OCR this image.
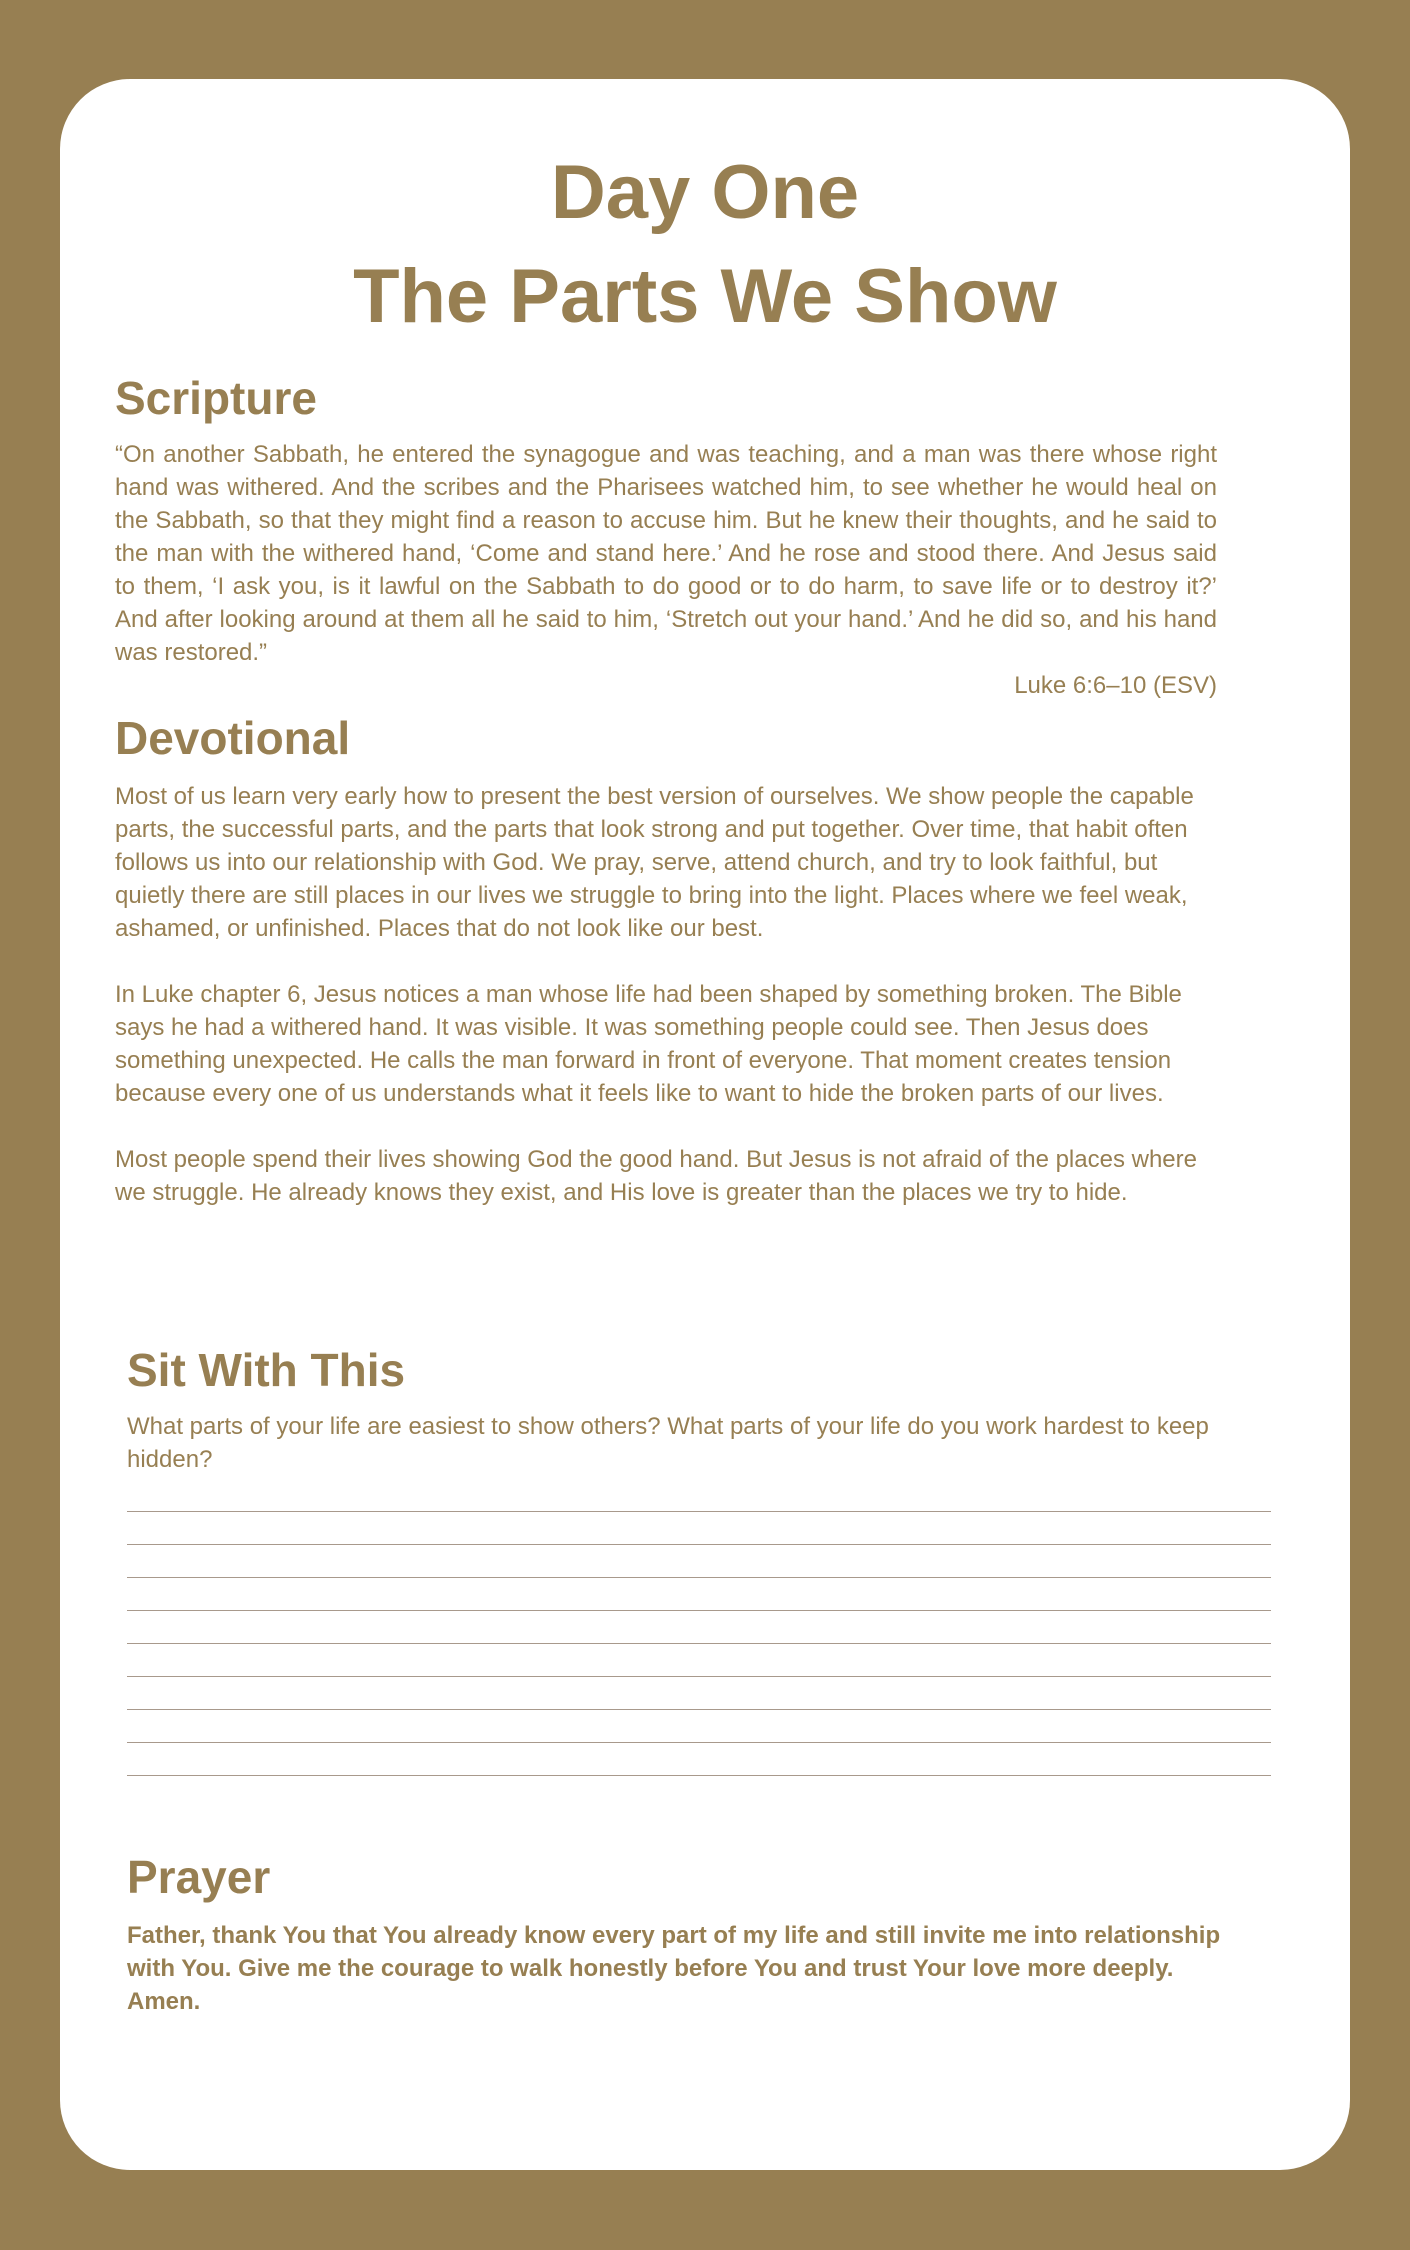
Day One
The Parts We Show
Scripture

“On another Sabbath, he entered the synagogue and was teaching, and a man was there whose right hand was withered. And the scribes and the Pharisees watched him, to see whether he would heal on the Sabbath, so that they might find a reason to accuse him. But he knew their thoughts, and he said to the man with the withered hand, ‘Come and stand here.’ And he rose and stood there. And Jesus said to them, ‘I ask you, is it lawful on the Sabbath to do good or to do harm, to save life or to destroy it?’ And after looking around at them all he said to him, ‘Stretch out your hand.’ And he did so, and his hand was restored.”

Luke 6:6–10 (ESV)

Devotional

Most of us learn very early how to present the best version of ourselves. We show people the capable parts, the successful parts, and the parts that look strong and put together. Over time, that habit often follows us into our relationship with God. We pray, serve, attend church, and try to look faithful, but quietly there are still places in our lives we struggle to bring into the light. Places where we feel weak, ashamed, or unfinished. Places that do not look like our best.

In Luke chapter 6, Jesus notices a man whose life had been shaped by something broken. The Bible says he had a withered hand. It was visible. It was something people could see. Then Jesus does something unexpected. He calls the man forward in front of everyone. That moment creates tension because every one of us understands what it feels like to want to hide the broken parts of our lives.

Most people spend their lives showing God the good hand. But Jesus is not afraid of the places where we struggle. He already knows they exist, and His love is greater than the places we try to hide.

Sit With This

What parts of your life are easiest to show others? What parts of your life do you work hardest to keep hidden?

Prayer

Father, thank You that You already know every part of my life and still invite me into relationship with You. Give me the courage to walk honestly before You and trust Your love more deeply. Amen.
